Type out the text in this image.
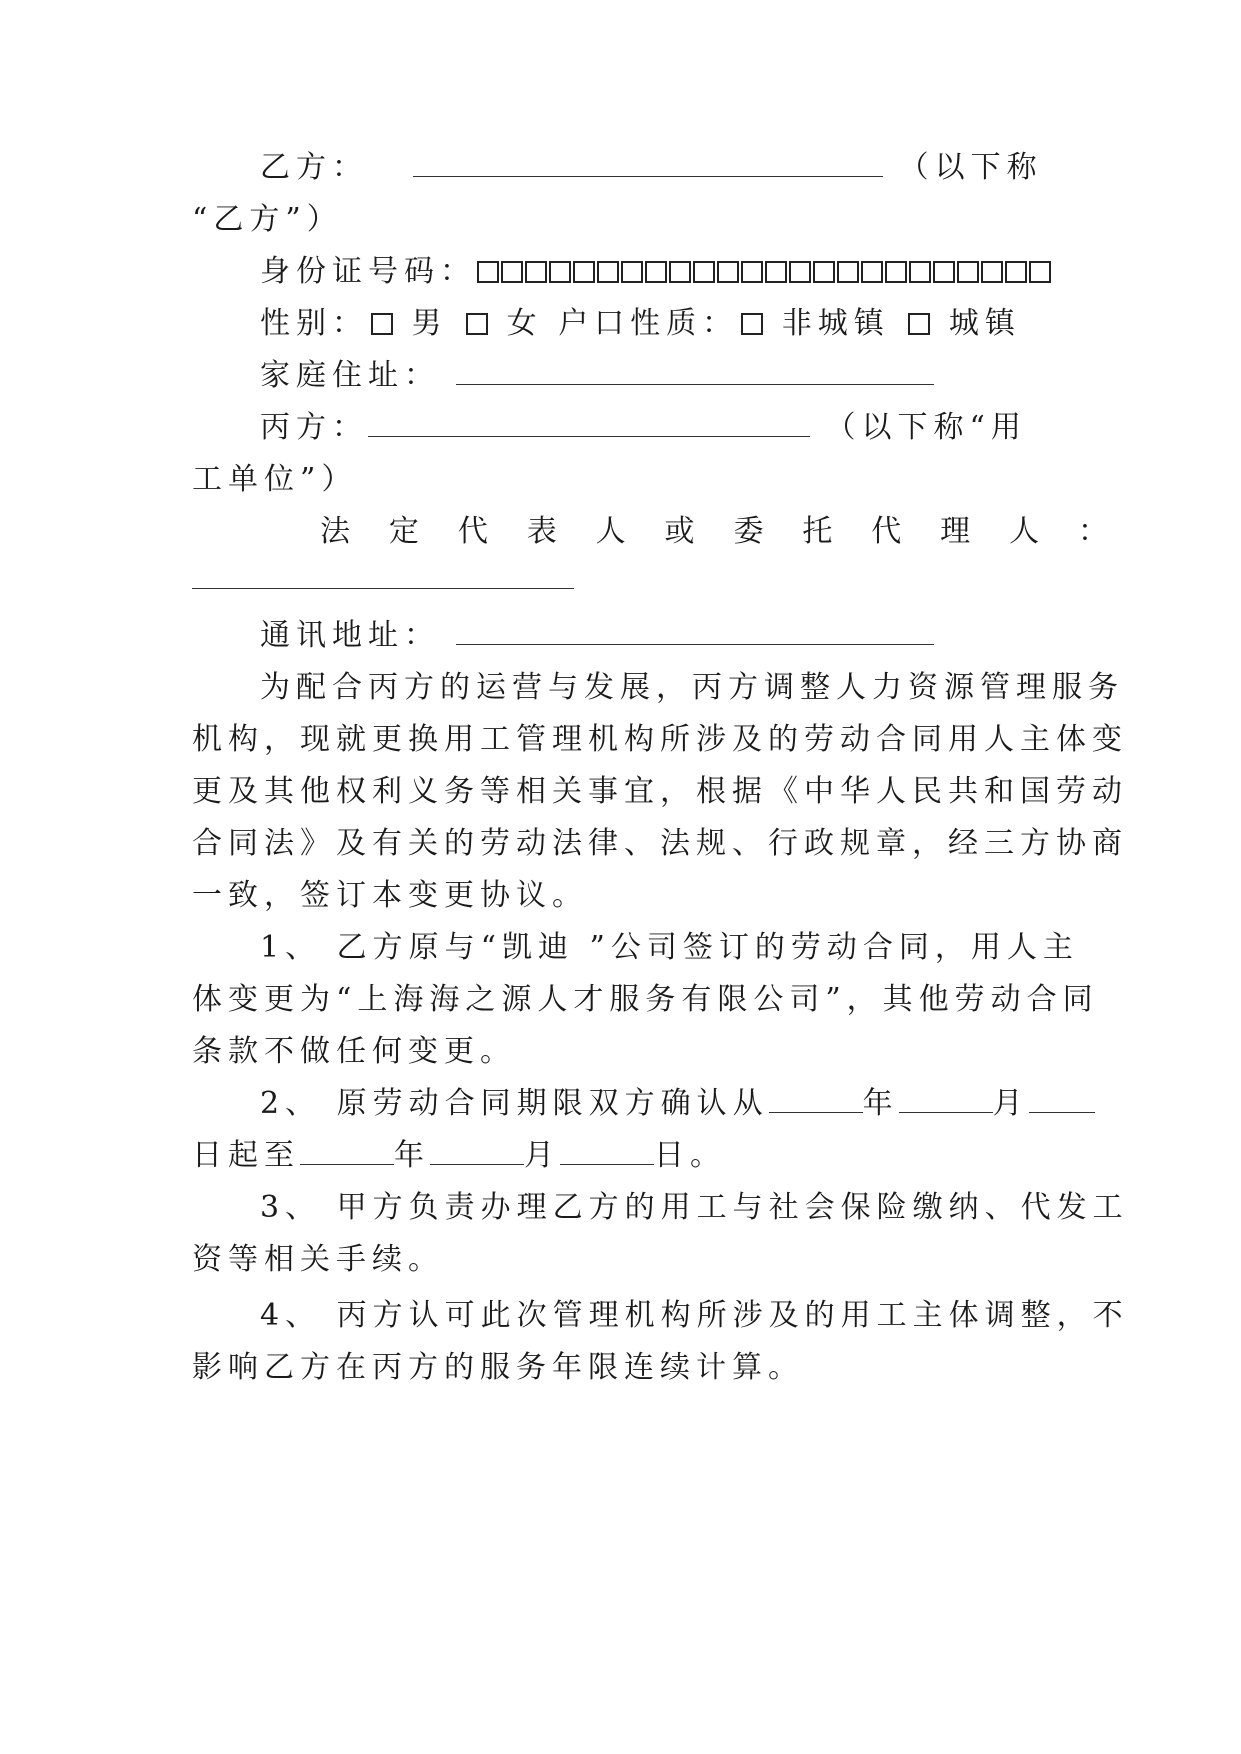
乙方：	（以下称
“乙方”）
身份证号码：
性别： 男 女 户口性质： 非城镇 城镇
家庭住址：
丙方：	（以下称“用
工单位”）
法 定 代 表 人 或 委 托 代 理 人 ：
通讯地址：
为配合丙方的运营与发展，丙方调整人力资源管理服务
机构，现就更换用工管理机构所涉及的劳动合同用人主体变
更及其他权利义务等相关事宜，根据《中华人民共和国劳动
合同法》及有关的劳动法律、法规、行政规章，经三方协商
一致，签订本变更协议。
1、 乙方原与“凯迪 ”公司签订的劳动合同，用人主
体变更为“上海海之源人才服务有限公司”，其他劳动合同
条款不做任何变更。
2、 原劳动合同期限双方确认从	年	月
日起至	年	月	日。
3、 甲方负责办理乙方的用工与社会保险缴纳、代发工
资等相关手续。
4、 丙方认可此次管理机构所涉及的用工主体调整，不
影响乙方在丙方的服务年限连续计算。
